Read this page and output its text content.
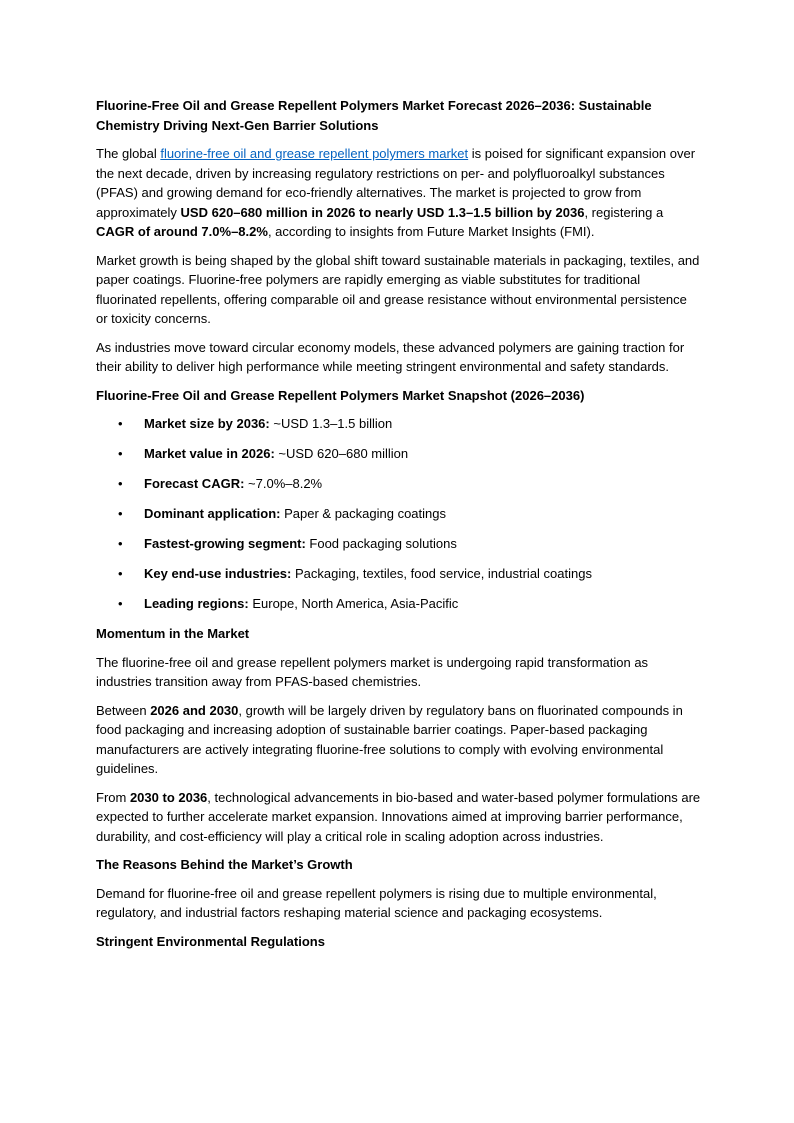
Fluorine-Free Oil and Grease Repellent Polymers Market Forecast 2026–2036: Sustainable Chemistry Driving Next-Gen Barrier Solutions

The global fluorine-free oil and grease repellent polymers market is poised for significant expansion over the next decade, driven by increasing regulatory restrictions on per- and polyfluoroalkyl substances (PFAS) and growing demand for eco-friendly alternatives. The market is projected to grow from approximately USD 620–680 million in 2026 to nearly USD 1.3–1.5 billion by 2036, registering a CAGR of around 7.0%–8.2%, according to insights from Future Market Insights (FMI).

Market growth is being shaped by the global shift toward sustainable materials in packaging, textiles, and paper coatings. Fluorine-free polymers are rapidly emerging as viable substitutes for traditional fluorinated repellents, offering comparable oil and grease resistance without environmental persistence or toxicity concerns.

As industries move toward circular economy models, these advanced polymers are gaining traction for their ability to deliver high performance while meeting stringent environmental and safety standards.

Fluorine-Free Oil and Grease Repellent Polymers Market Snapshot (2026–2036)
• Market size by 2036: ~USD 1.3–1.5 billion
• Market value in 2026: ~USD 620–680 million
• Forecast CAGR: ~7.0%–8.2%
• Dominant application: Paper & packaging coatings
• Fastest-growing segment: Food packaging solutions
• Key end-use industries: Packaging, textiles, food service, industrial coatings
• Leading regions: Europe, North America, Asia-Pacific
Momentum in the Market

The fluorine-free oil and grease repellent polymers market is undergoing rapid transformation as industries transition away from PFAS-based chemistries.

Between 2026 and 2030, growth will be largely driven by regulatory bans on fluorinated compounds in food packaging and increasing adoption of sustainable barrier coatings. Paper-based packaging manufacturers are actively integrating fluorine-free solutions to comply with evolving environmental guidelines.

From 2030 to 2036, technological advancements in bio-based and water-based polymer formulations are expected to further accelerate market expansion. Innovations aimed at improving barrier performance, durability, and cost-efficiency will play a critical role in scaling adoption across industries.

The Reasons Behind the Market’s Growth

Demand for fluorine-free oil and grease repellent polymers is rising due to multiple environmental, regulatory, and industrial factors reshaping material science and packaging ecosystems.

Stringent Environmental Regulations
